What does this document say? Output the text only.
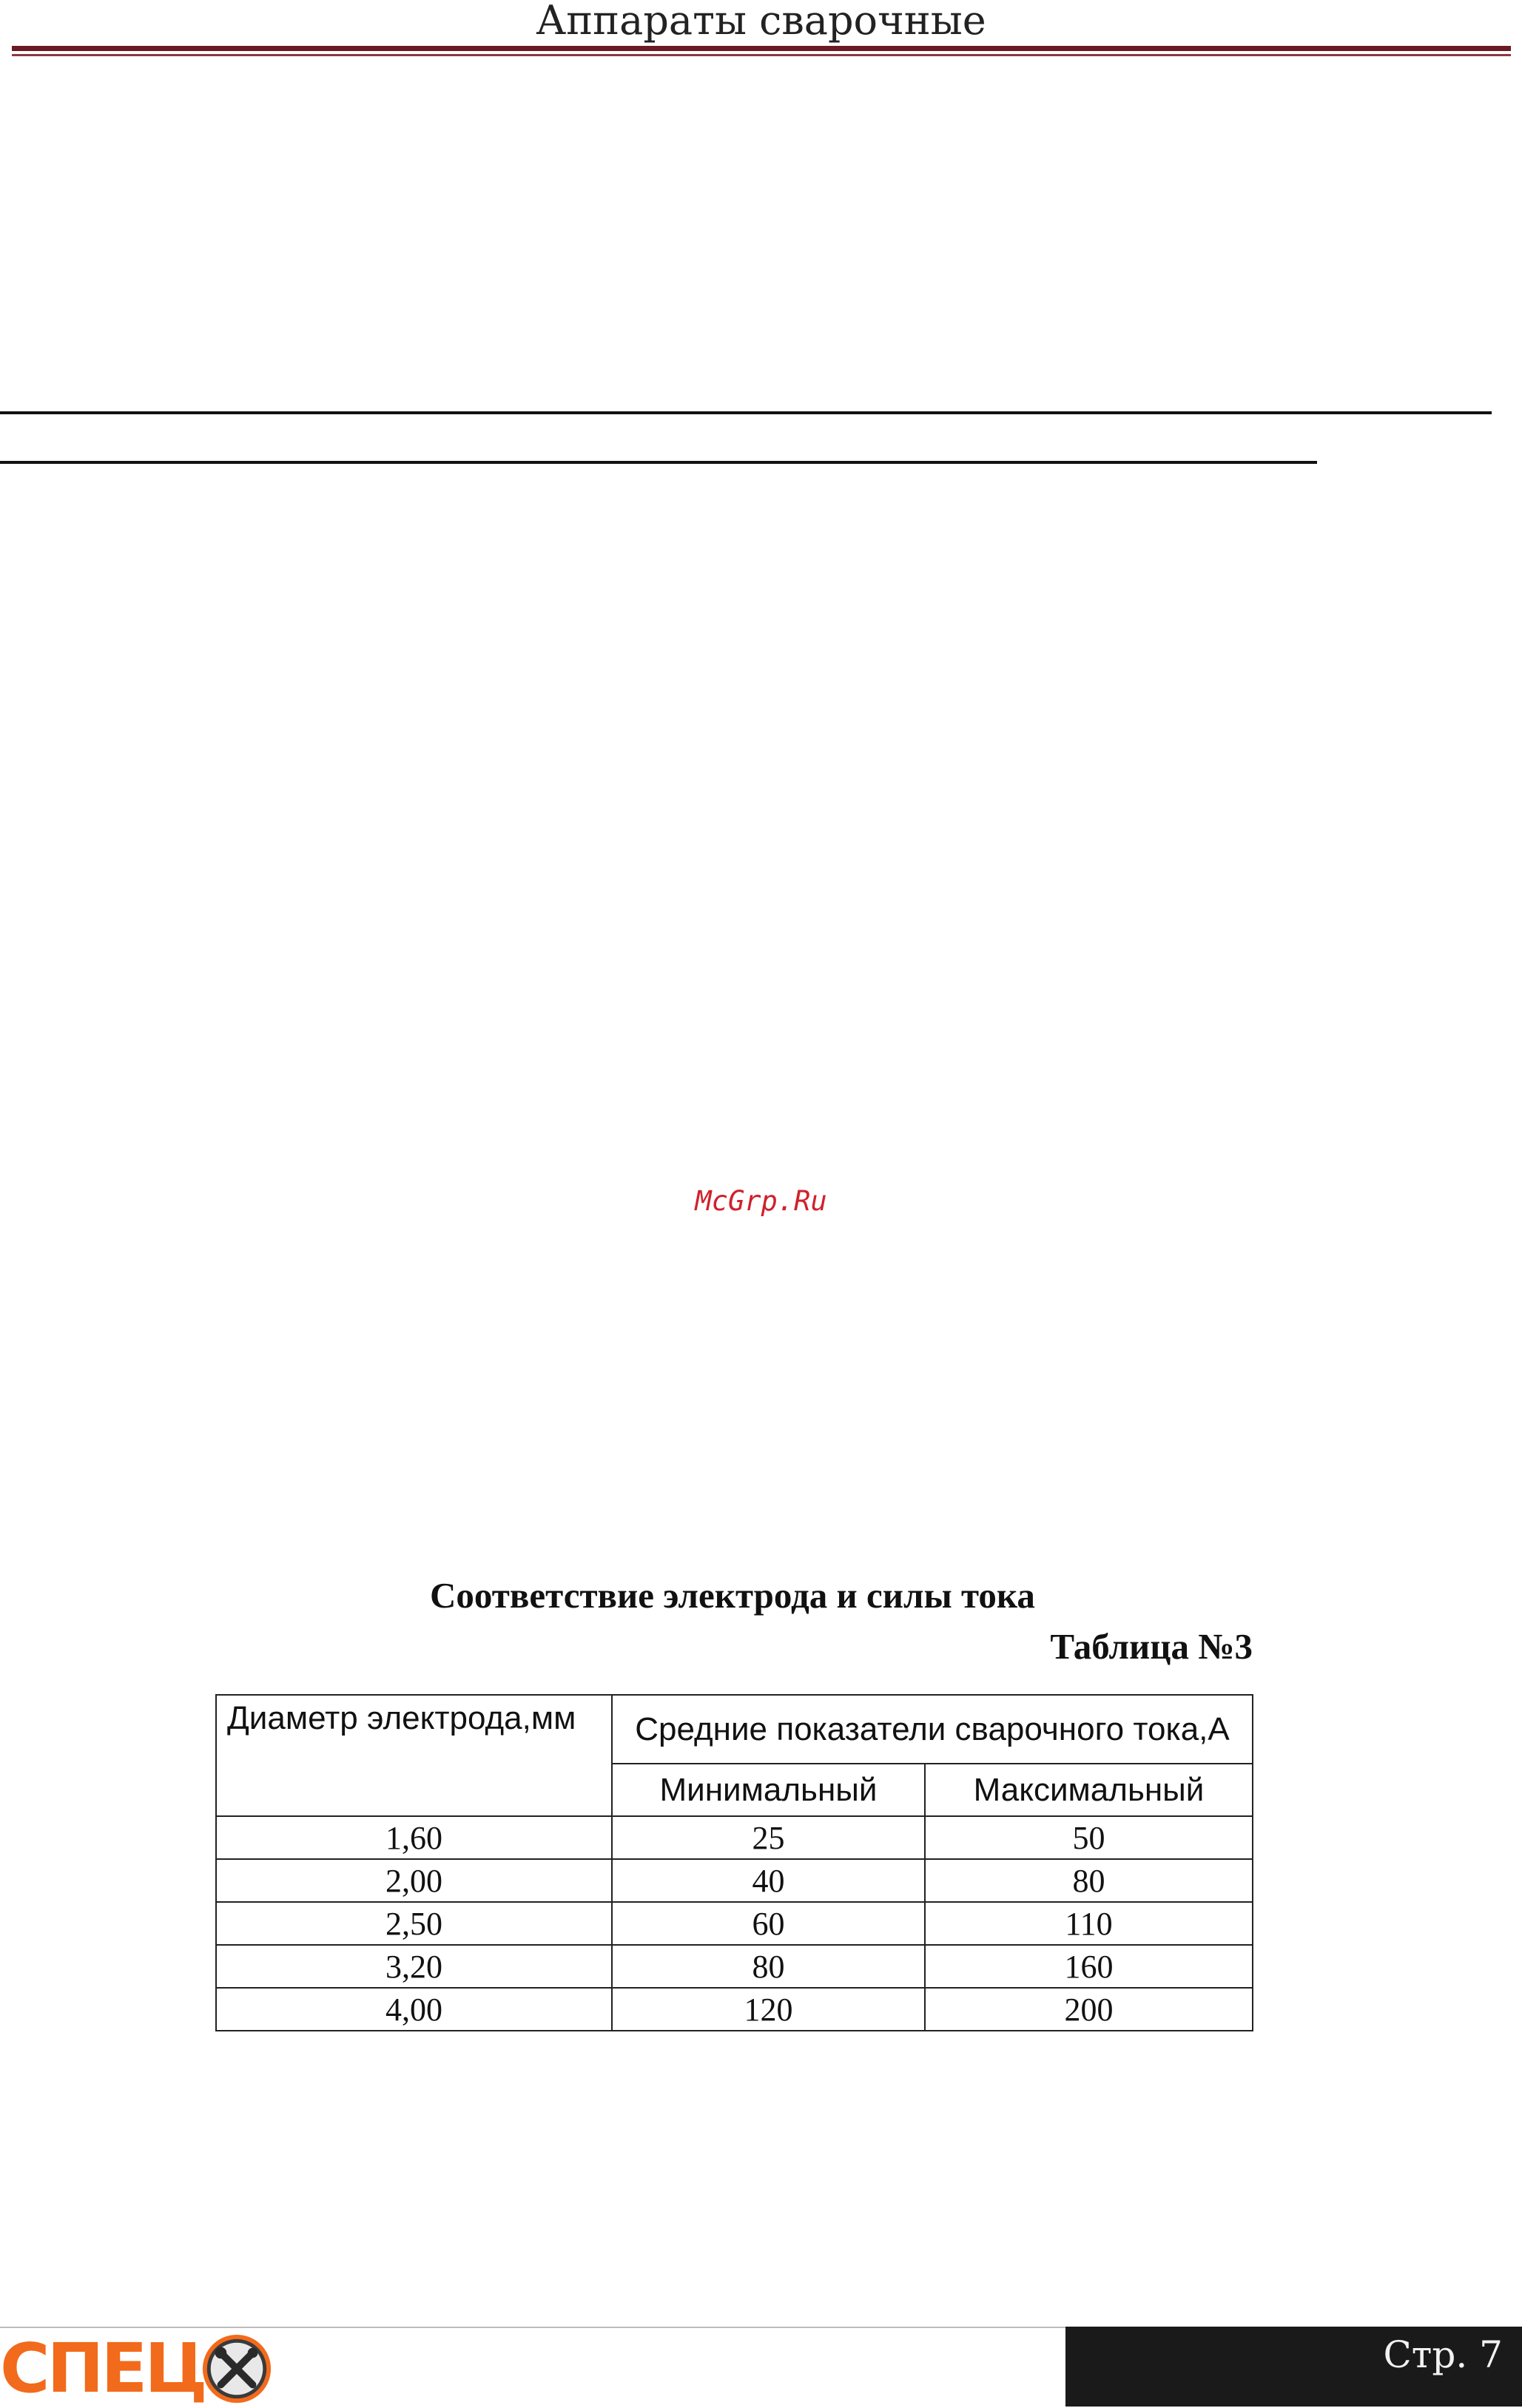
Аппараты сварочные
McGrp.Ru
Соответствие электрода и силы тока
Таблица №3
Диаметр электрода,мм	Средние показатели сварочного тока,А	
	Минимальный	Максимальный
1,60	25	50
2,00	40	80
2,50	60	110
3,20	80	160
4,00	120	200
СПЕЦ	Стр. 7
